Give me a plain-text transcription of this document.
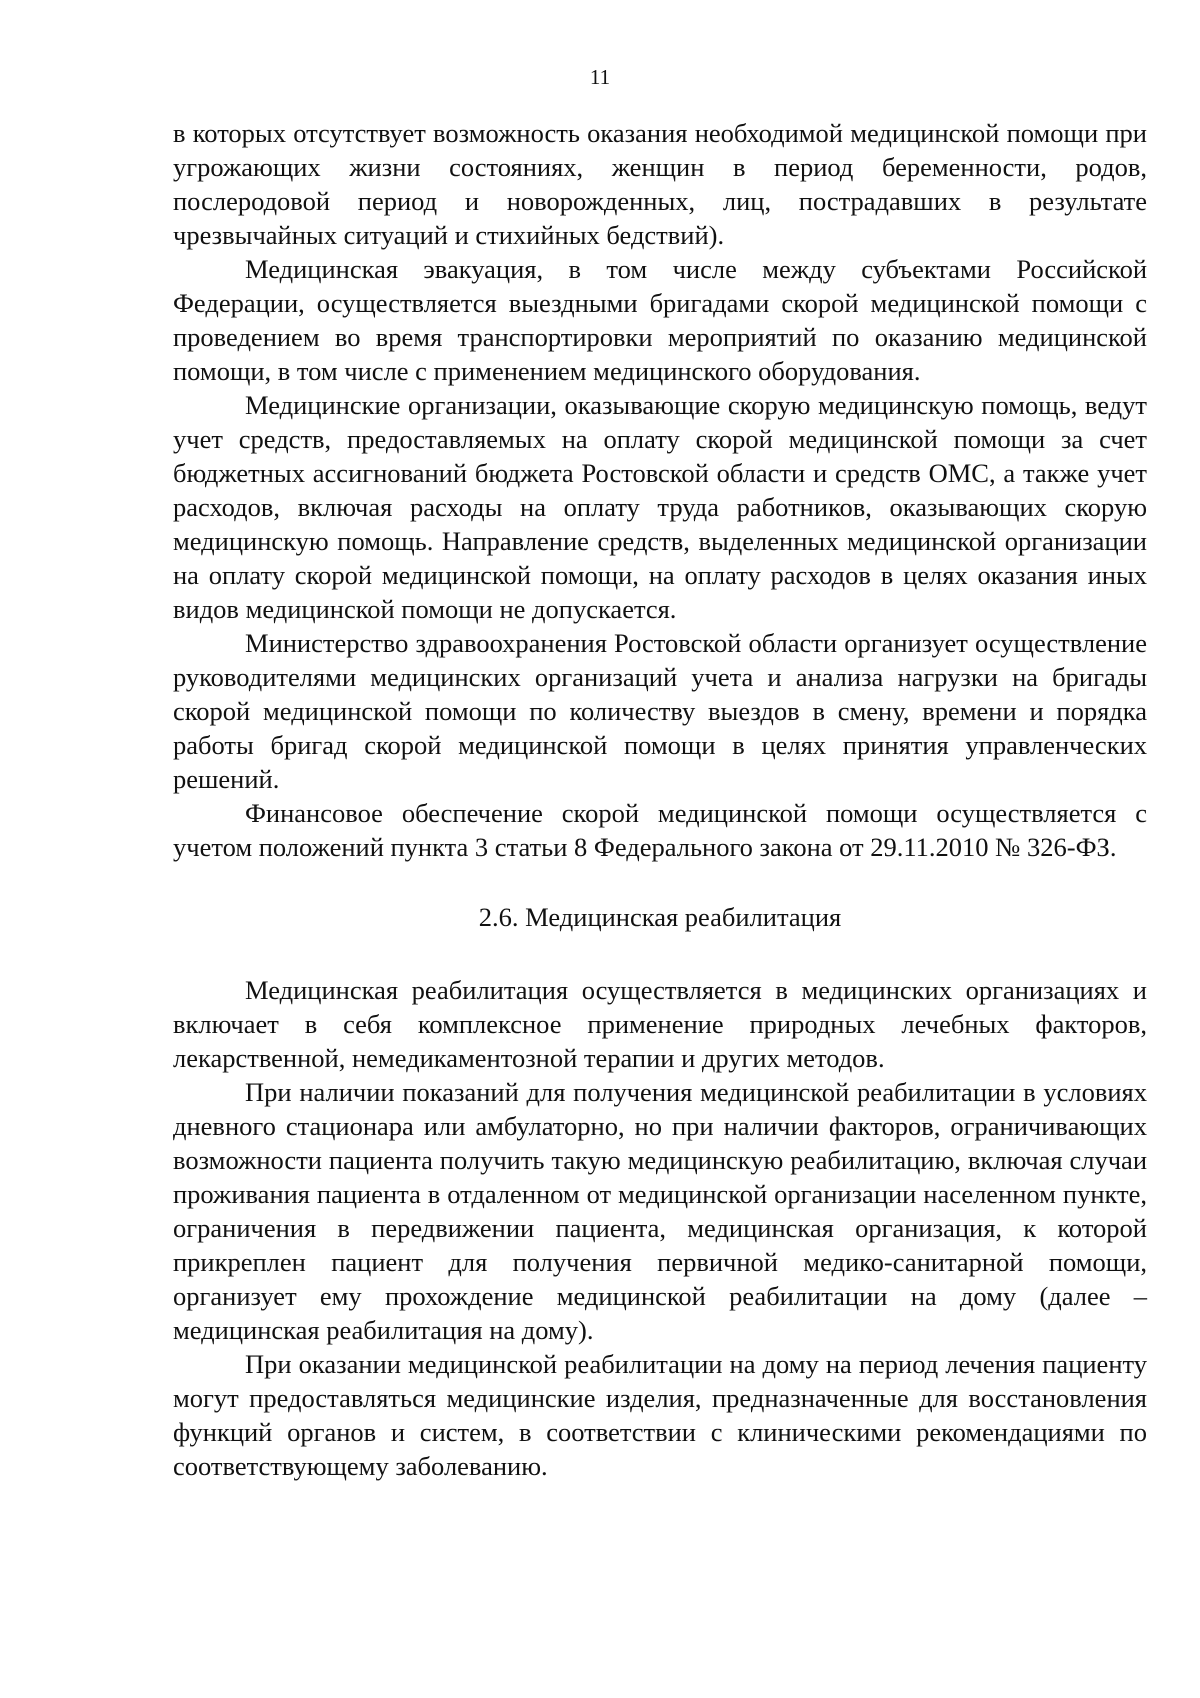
11

в которых отсутствует возможность оказания необходимой медицинской помощи при угрожающих жизни состояниях, женщин в период беременности, родов, послеродовой период и новорожденных, лиц, пострадавших в результате чрезвычайных ситуаций и стихийных бедствий).

Медицинская эвакуация, в том числе между субъектами Российской Федерации, осуществляется выездными бригадами скорой медицинской помощи с проведением во время транспортировки мероприятий по оказанию медицинской помощи, в том числе с применением медицинского оборудования.

Медицинские организации, оказывающие скорую медицинскую помощь, ведут учет средств, предоставляемых на оплату скорой медицинской помощи за счет бюджетных ассигнований бюджета Ростовской области и средств ОМС, а также учет расходов, включая расходы на оплату труда работников, оказывающих скорую медицинскую помощь. Направление средств, выделенных медицинской организации на оплату скорой медицинской помощи, на оплату расходов в целях оказания иных видов медицинской помощи не допускается.

Министерство здравоохранения Ростовской области организует осуществление руководителями медицинских организаций учета и анализа нагрузки на бригады скорой медицинской помощи по количеству выездов в смену, времени и порядка работы бригад скорой медицинской помощи в целях принятия управленческих решений.

Финансовое обеспечение скорой медицинской помощи осуществляется с учетом положений пункта 3 статьи 8 Федерального закона от 29.11.2010 № 326-ФЗ.

2.6. Медицинская реабилитация

Медицинская реабилитация осуществляется в медицинских организациях и включает в себя комплексное применение природных лечебных факторов, лекарственной, немедикаментозной терапии и других методов.

При наличии показаний для получения медицинской реабилитации в условиях дневного стационара или амбулаторно, но при наличии факторов, ограничивающих возможности пациента получить такую медицинскую реабилитацию, включая случаи проживания пациента в отдаленном от медицинской организации населенном пункте, ограничения в передвижении пациента, медицинская организация, к которой прикреплен пациент для получения первичной медико-санитарной помощи, организует ему прохождение медицинской реабилитации на дому (далее – медицинская реабилитация на дому).

При оказании медицинской реабилитации на дому на период лечения пациенту могут предоставляться медицинские изделия, предназначенные для восстановления функций органов и систем, в соответствии с клиническими рекомендациями по соответствующему заболеванию.
